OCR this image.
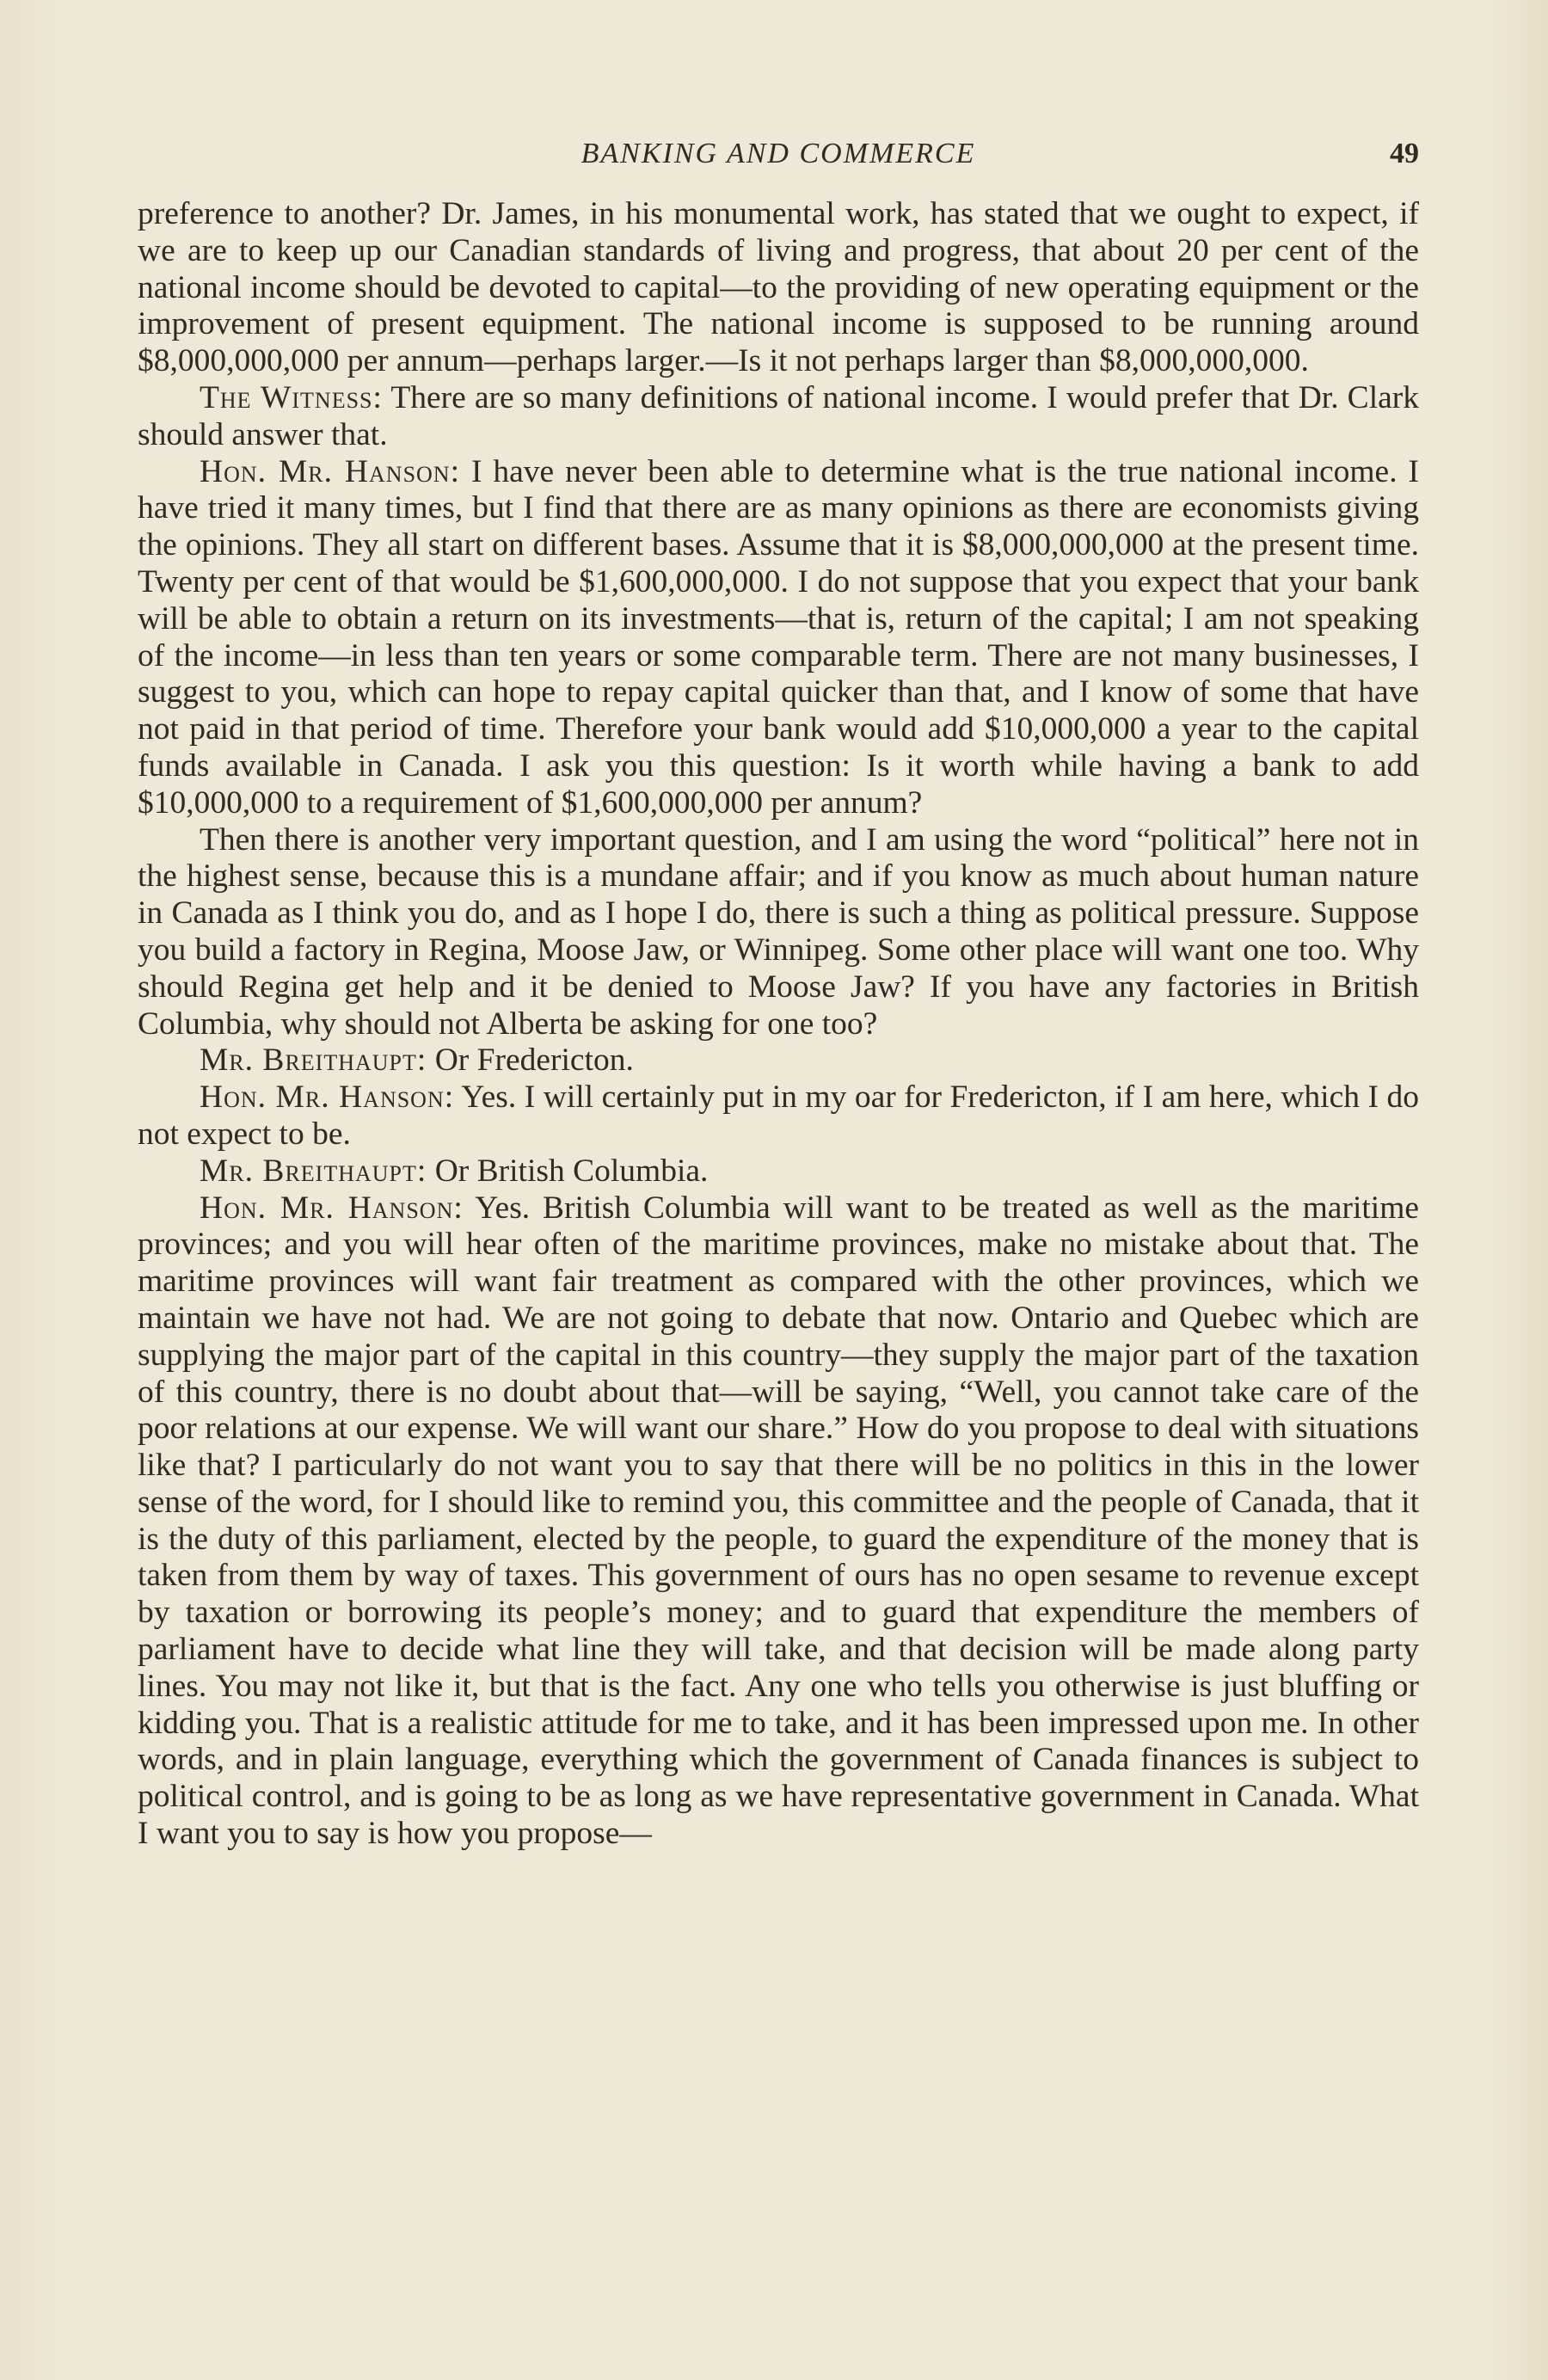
BANKING AND COMMERCE	49

preference to another? Dr. James, in his monumental work, has stated that we ought to expect, if we are to keep up our Canadian standards of living and progress, that about 20 per cent of the national income should be devoted to capital—to the providing of new operating equipment or the improvement of present equipment. The national income is supposed to be running around $8,000,000,000 per annum—perhaps larger.—Is it not perhaps larger than $8,000,000,000.

The Witness: There are so many definitions of national income. I would prefer that Dr. Clark should answer that.

Hon. Mr. Hanson: I have never been able to determine what is the true national income. I have tried it many times, but I find that there are as many opinions as there are economists giving the opinions. They all start on different bases. Assume that it is $8,000,000,000 at the present time. Twenty per cent of that would be $1,600,000,000. I do not suppose that you expect that your bank will be able to obtain a return on its investments—that is, return of the capital; I am not speaking of the income—in less than ten years or some comparable term. There are not many businesses, I suggest to you, which can hope to repay capital quicker than that, and I know of some that have not paid in that period of time. Therefore your bank would add $10,000,000 a year to the capital funds available in Canada. I ask you this question: Is it worth while having a bank to add $10,000,000 to a requirement of $1,600,000,000 per annum?

Then there is another very important question, and I am using the word “political” here not in the highest sense, because this is a mundane affair; and if you know as much about human nature in Canada as I think you do, and as I hope I do, there is such a thing as political pressure. Suppose you build a factory in Regina, Moose Jaw, or Winnipeg. Some other place will want one too. Why should Regina get help and it be denied to Moose Jaw? If you have any factories in British Columbia, why should not Alberta be asking for one too?

Mr. Breithaupt: Or Fredericton.

Hon. Mr. Hanson: Yes. I will certainly put in my oar for Fredericton, if I am here, which I do not expect to be.

Mr. Breithaupt: Or British Columbia.

Hon. Mr. Hanson: Yes. British Columbia will want to be treated as well as the maritime provinces; and you will hear often of the maritime provinces, make no mistake about that. The maritime provinces will want fair treatment as compared with the other provinces, which we maintain we have not had. We are not going to debate that now. Ontario and Quebec which are supplying the major part of the capital in this country—they supply the major part of the taxation of this country, there is no doubt about that—will be saying, “Well, you cannot take care of the poor relations at our expense. We will want our share.” How do you propose to deal with situations like that? I particularly do not want you to say that there will be no politics in this in the lower sense of the word, for I should like to remind you, this committee and the people of Canada, that it is the duty of this parliament, elected by the people, to guard the expenditure of the money that is taken from them by way of taxes. This government of ours has no open sesame to revenue except by taxation or borrowing its people’s money; and to guard that expenditure the members of parliament have to decide what line they will take, and that decision will be made along party lines. You may not like it, but that is the fact. Any one who tells you otherwise is just bluffing or kidding you. That is a realistic attitude for me to take, and it has been impressed upon me. In other words, and in plain language, everything which the government of Canada finances is subject to political control, and is going to be as long as we have representative government in Canada. What I want you to say is how you propose—
